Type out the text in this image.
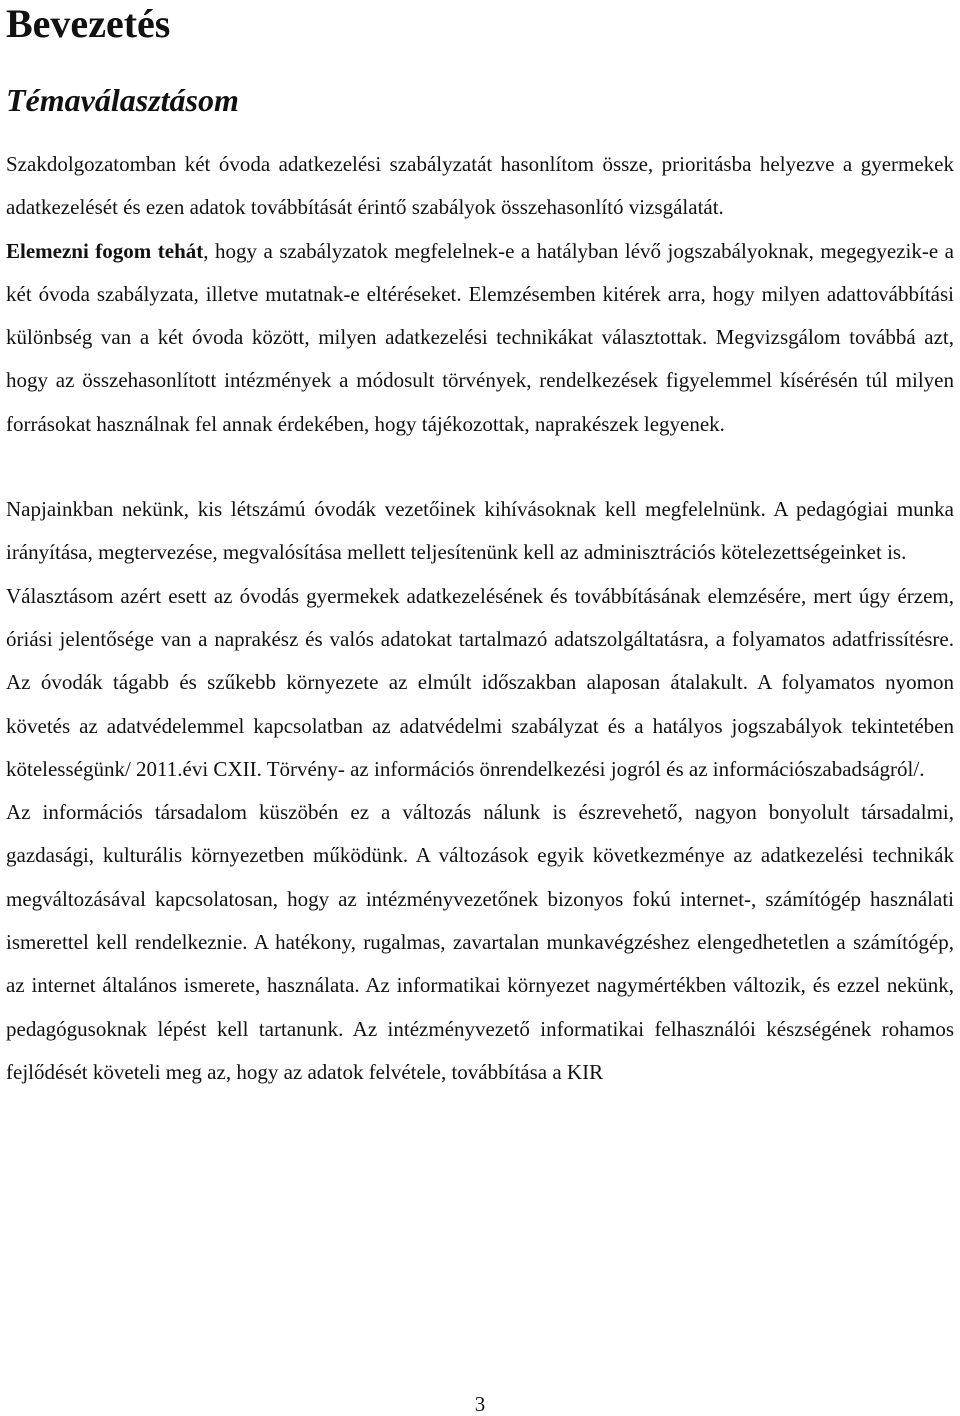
Bevezetés
Témaválasztásom

Szakdolgozatomban két óvoda adatkezelési szabályzatát hasonlítom össze, prioritásba helyezve a gyermekek adatkezelését és ezen adatok továbbítását érintő szabályok összehasonlító vizsgálatát.

Elemezni fogom tehát, hogy a szabályzatok megfelelnek-e a hatályban lévő jogszabályoknak, megegyezik-e a két óvoda szabályzata, illetve mutatnak-e eltéréseket. Elemzésemben kitérek arra, hogy milyen adattovábbítási különbség van a két óvoda között, milyen adatkezelési technikákat választottak. Megvizsgálom továbbá azt, hogy az összehasonlított intézmények a módosult törvények, rendelkezések figyelemmel kísérésén túl milyen forrásokat használnak fel annak érdekében, hogy tájékozottak, naprakészek legyenek.

Napjainkban nekünk, kis létszámú óvodák vezetőinek kihívásoknak kell megfelelnünk. A pedagógiai munka irányítása, megtervezése, megvalósítása mellett teljesítenünk kell az adminisztrációs kötelezettségeinket is.

Választásom azért esett az óvodás gyermekek adatkezelésének és továbbításának elemzésére, mert úgy érzem, óriási jelentősége van a naprakész és valós adatokat tartalmazó adatszolgáltatásra, a folyamatos adatfrissítésre. Az óvodák tágabb és szűkebb környezete az elmúlt időszakban alaposan átalakult. A folyamatos nyomon követés az adatvédelemmel kapcsolatban az adatvédelmi szabályzat és a hatályos jogszabályok tekintetében kötelességünk/ 2011.évi CXII. Törvény- az információs önrendelkezési jogról és az információszabadságról/.

Az információs társadalom küszöbén ez a változás nálunk is észrevehető, nagyon bonyolult társadalmi, gazdasági, kulturális környezetben működünk. A változások egyik következménye az adatkezelési technikák megváltozásával kapcsolatosan, hogy az intézményvezetőnek bizonyos fokú internet-, számítógép használati ismerettel kell rendelkeznie. A hatékony, rugalmas, zavartalan munkavégzéshez elengedhetetlen a számítógép, az internet általános ismerete, használata. Az informatikai környezet nagymértékben változik, és ezzel nekünk, pedagógusoknak lépést kell tartanunk. Az intézményvezető informatikai felhasználói készségének rohamos fejlődését követeli meg az, hogy az adatok felvétele, továbbítása a KIR

3
